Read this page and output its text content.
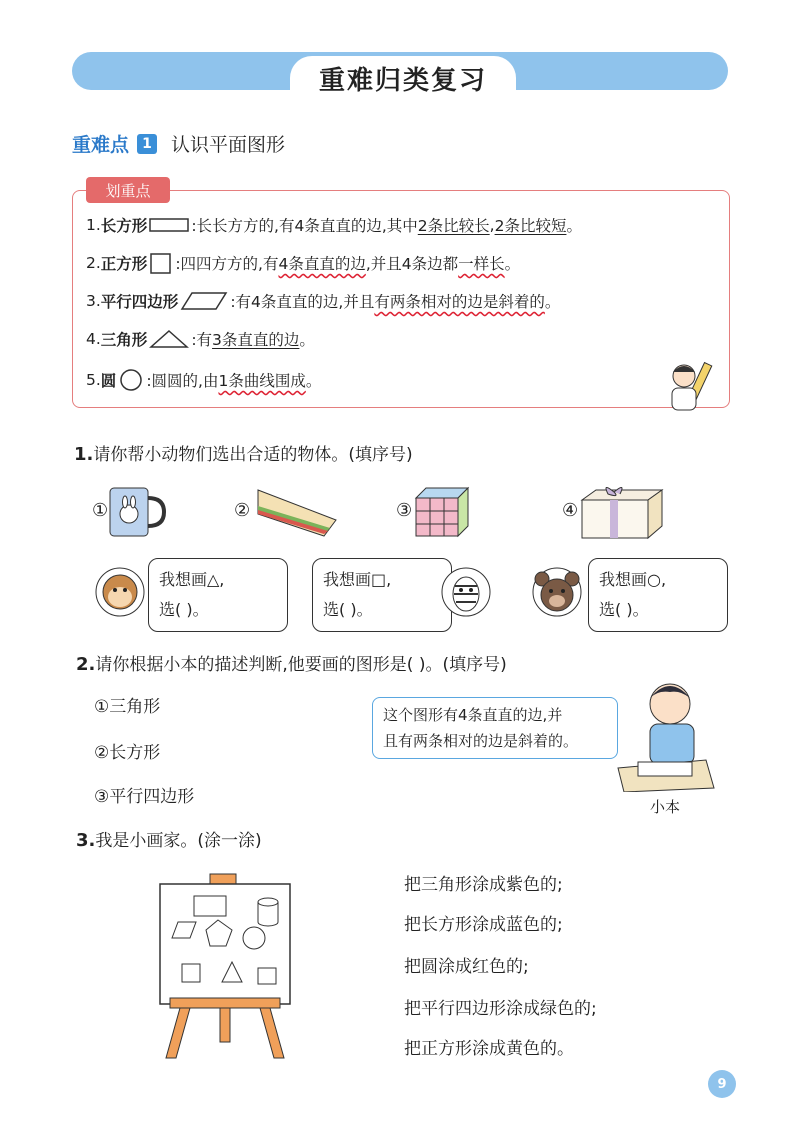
重难归类复习
重难点 1 认识平面图形
划重点
1. 长方形	:长长方方的,有4条直直的边,其中 2条比较长 , 2条比较短 。
2. 正方形 :四四方方的,有 4条直直的边 ,并且4条边都 一样长 。
3. 平行四边形	:有4条直直的边,并且 有两条相对的边是斜着的 。
4. 三角形	:有 3条直直的边 。
5. 圆 :圆圆的,由 1条曲线围成 。
1.请你帮小动物们选出合适的物体。(填序号)
①	②	③	④
我想画△,
选( )。
我想画□,
选( )。
我想画○,
选( )。
2.请你根据小本的描述判断,他要画的图形是( )。(填序号)
①三角形
②长方形
③平行四边形
这个图形有4条直直的边,并
且有两条相对的边是斜着的。
小本
3.我是小画家。(涂一涂)
把三角形涂成紫色的;
把长方形涂成蓝色的;
把圆涂成红色的;
把平行四边形涂成绿色的;
把正方形涂成黄色的。
9
